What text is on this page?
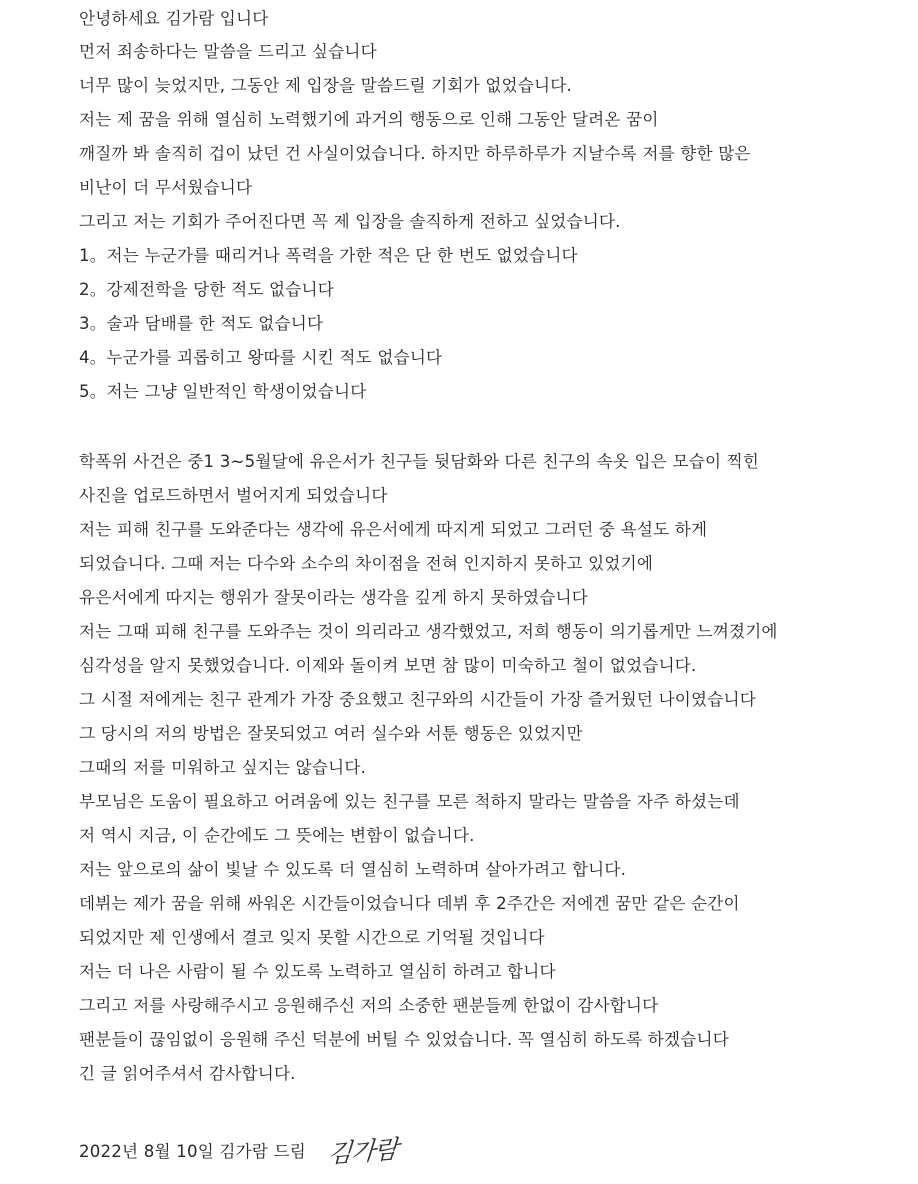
안녕하세요 김가람 입니다

먼저 죄송하다는 말씀을 드리고 싶습니다

너무 많이 늦었지만, 그동안 제 입장을 말씀드릴 기회가 없었습니다.

저는 제 꿈을 위해 열심히 노력했기에 과거의 행동으로 인해 그동안 달려온 꿈이

깨질까 봐 솔직히 겁이 났던 건 사실이었습니다. 하지만 하루하루가 지날수록 저를 향한 많은

비난이 더 무서웠습니다

그리고 저는 기회가 주어진다면 꼭 제 입장을 솔직하게 전하고 싶었습니다.

1。저는 누군가를 때리거나 폭력을 가한 적은 단 한 번도 없었습니다

2。강제전학을 당한 적도 없습니다

3。술과 담배를 한 적도 없습니다

4。누군가를 괴롭히고 왕따를 시킨 적도 없습니다

5。저는 그냥 일반적인 학생이었습니다

학폭위 사건은 중1 3~5월달에 유은서가 친구들 뒷담화와 다른 친구의 속옷 입은 모습이 찍힌

사진을 업로드하면서 벌어지게 되었습니다

저는 피해 친구를 도와준다는 생각에 유은서에게 따지게 되었고 그러던 중 욕설도 하게

되었습니다. 그때 저는 다수와 소수의 차이점을 전혀 인지하지 못하고 있었기에

유은서에게 따지는 행위가 잘못이라는 생각을 깊게 하지 못하였습니다

저는 그때 피해 친구를 도와주는 것이 의리라고 생각했었고, 저희 행동이 의기롭게만 느껴졌기에

심각성을 알지 못했었습니다. 이제와 돌이켜 보면 참 많이 미숙하고 철이 없었습니다.

그 시절 저에게는 친구 관계가 가장 중요했고 친구와의 시간들이 가장 즐거웠던 나이였습니다

그 당시의 저의 방법은 잘못되었고 여러 실수와 서툰 행동은 있었지만

그때의 저를 미워하고 싶지는 않습니다.

부모님은 도움이 필요하고 어려움에 있는 친구를 모른 척하지 말라는 말씀을 자주 하셨는데

저 역시 지금, 이 순간에도 그 뜻에는 변함이 없습니다.

저는 앞으로의 삶이 빛날 수 있도록 더 열심히 노력하며 살아가려고 합니다.

데뷔는 제가 꿈을 위해 싸워온 시간들이었습니다 데뷔 후 2주간은 저에겐 꿈만 같은 순간이

되었지만 제 인생에서 결코 잊지 못할 시간으로 기억될 것입니다

저는 더 나은 사람이 될 수 있도록 노력하고 열심히 하려고 합니다

그리고 저를 사랑해주시고 응원해주신 저의 소중한 팬분들께 한없이 감사합니다

팬분들이 끊임없이 응원해 주신 덕분에 버틸 수 있었습니다. 꼭 열심히 하도록 하겠습니다

긴 글 읽어주셔서 감사합니다.

2022년 8월 10일 김가람 드림 김가람
